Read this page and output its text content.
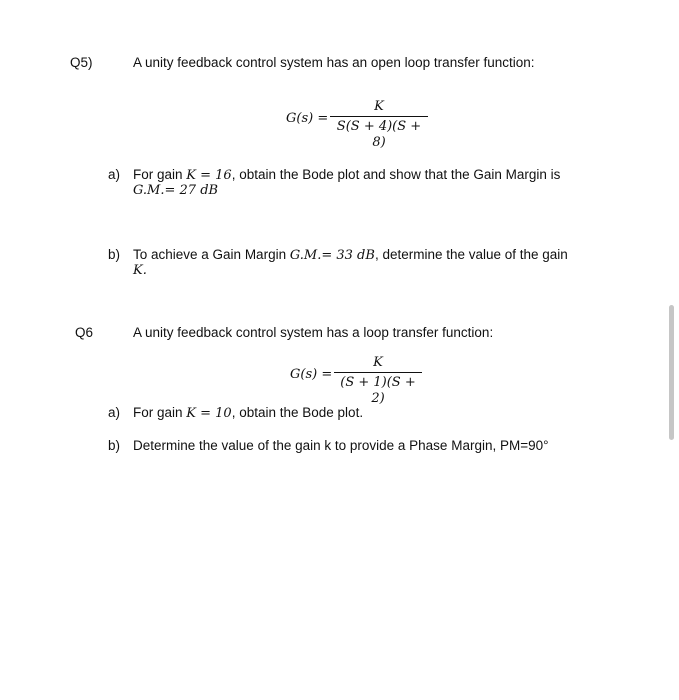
Q5)	A unity feedback control system has an open loop transfer function:
G(s) =
K
S(S + 4)(S + 8)
a) For gain K = 16, obtain the Bode plot and show that the Gain Margin is
G.M.= 27 dB
b) To achieve a Gain Margin G.M.= 33 dB, determine the value of the gain
K.
Q6	A unity feedback control system has a loop transfer function:
G(s) =
K
(S + 1)(S + 2)
a) For gain K = 10, obtain the Bode plot.
b) Determine the value of the gain k to provide a Phase Margin, PM=90°
